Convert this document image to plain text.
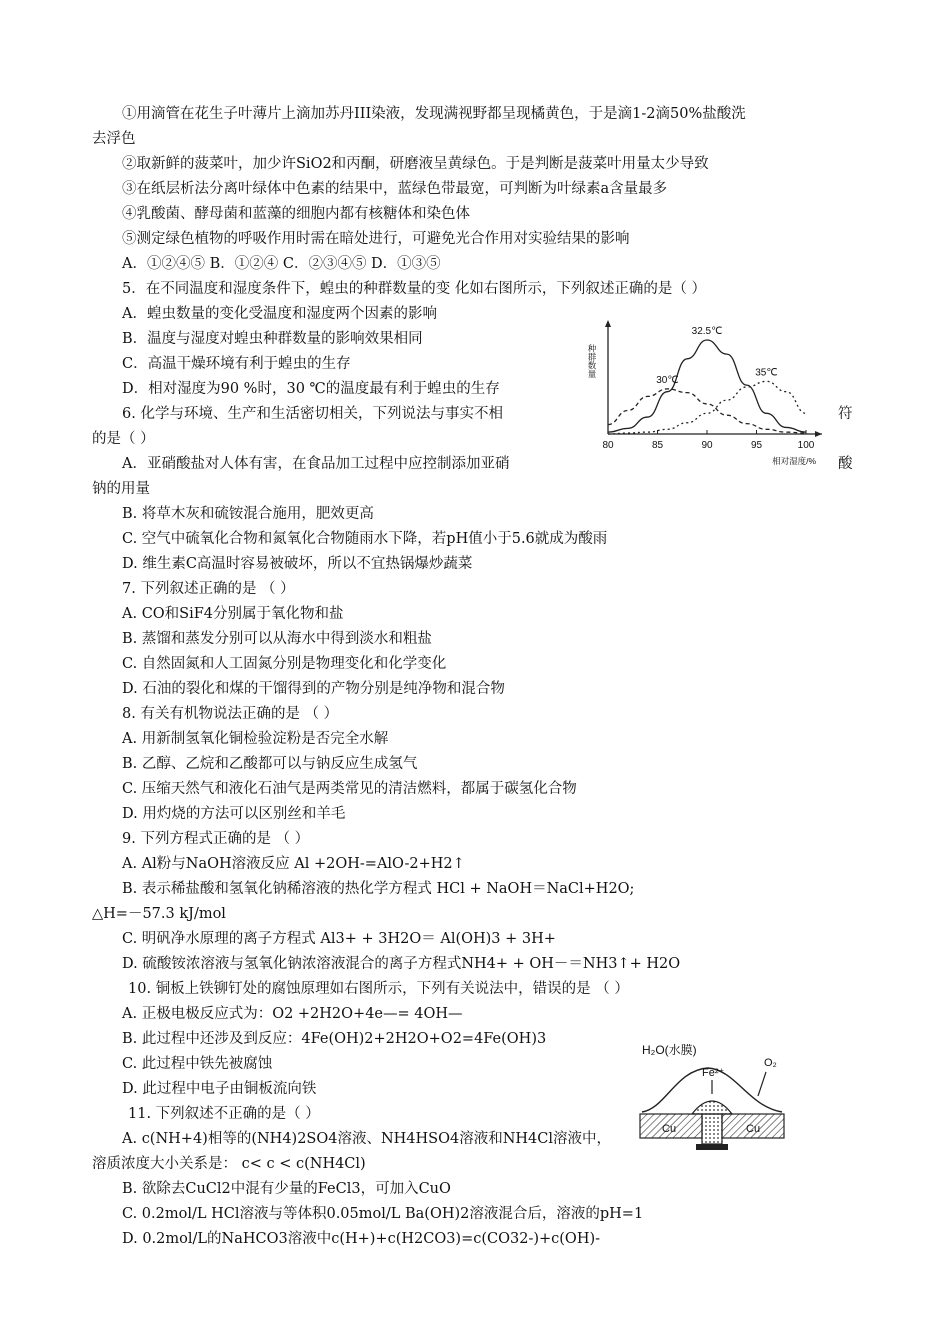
①用滴管在花生子叶薄片上滴加苏丹III染液，发现满视野都呈现橘黄色，于是滴1-2滴50%盐酸洗
去浮色
②取新鲜的菠菜叶，加少许SiO2和丙酮，研磨液呈黄绿色。于是判断是菠菜叶用量太少导致
③在纸层析法分离叶绿体中色素的结果中，蓝绿色带最宽，可判断为叶绿素a含量最多
④乳酸菌、酵母菌和蓝藻的细胞内都有核糖体和染色体
⑤测定绿色植物的呼吸作用时需在暗处进行，可避免光合作用对实验结果的影响
A．①②④⑤ B．①②④ C．②③④⑤ D．①③⑤
5．在不同温度和湿度条件下，蝗虫的种群数量的变 化如右图所示，下列叙述正确的是（ ）
A．蝗虫数量的变化受温度和湿度两个因素的影响
B．温度与湿度对蝗虫种群数量的影响效果相同
C．高温干燥环境有利于蝗虫的生存
D．相对湿度为90 %时，30 ℃的温度最有利于蝗虫的生存
6. 化学与环境、生产和生活密切相关，下列说法与事实不相
的是（ ）
A．亚硝酸盐对人体有害，在食品加工过程中应控制添加亚硝
钠的用量
B. 将草木灰和硫铵混合施用，肥效更高
C. 空气中硫氧化合物和氮氧化合物随雨水下降，若pH值小于5.6就成为酸雨
D. 维生素C高温时容易被破坏，所以不宜热锅爆炒蔬菜
7. 下列叙述正确的是 （ ）
A. CO和SiF4分别属于氧化物和盐
B. 蒸馏和蒸发分别可以从海水中得到淡水和粗盐
C. 自然固氮和人工固氮分别是物理变化和化学变化
D. 石油的裂化和煤的干馏得到的产物分别是纯净物和混合物
8. 有关有机物说法正确的是 （ ）
A. 用新制氢氧化铜检验淀粉是否完全水解
B. 乙醇、乙烷和乙酸都可以与钠反应生成氢气
C. 压缩天然气和液化石油气是两类常见的清洁燃料，都属于碳氢化合物
D. 用灼烧的方法可以区别丝和羊毛
9. 下列方程式正确的是 （ ）
A. Al粉与NaOH溶液反应 Al +2OH-=AlO-2+H2↑
B. 表示稀盐酸和氢氧化钠稀溶液的热化学方程式 HCl + NaOH＝NaCl+H2O;
△H=－57.3 kJ/mol
C. 明矾净水原理的离子方程式 Al3+ + 3H2O＝ Al(OH)3 + 3H+
D. 硫酸铵浓溶液与氢氧化钠浓溶液混合的离子方程式NH4+ + OH－＝NH3↑+ H2O
10. 铜板上铁铆钉处的腐蚀原理如右图所示，下列有关说法中，错误的是 （ ）
A. 正极电极反应式为：O2 +2H2O+4e—= 4OH—
B. 此过程中还涉及到反应：4Fe(OH)2+2H2O+O2=4Fe(OH)3
C. 此过程中铁先被腐蚀
D. 此过程中电子由铜板流向铁
11. 下列叙述不正确的是（ ）
A. c(NH+4)相等的(NH4)2SO4溶液、NH4HSO4溶液和NH4Cl溶液中，
溶质浓度大小关系是： c< c < c(NH4Cl)
B. 欲除去CuCl2中混有少量的FeCl3，可加入CuO
C. 0.2mol/L HCl溶液与等体积0.05mol/L Ba(OH)2溶液混合后，溶液的pH=1
D. 0.2mol/L的NaHCO3溶液中c(H+)+c(H2CO3)=c(CO32-)+c(OH)-
符
酸
80	85	90	95	100
相对湿度/%
种群数量
30℃
32.5℃
35℃
H₂O(水膜)
Fe²⁺
O₂
Cu	Cu
